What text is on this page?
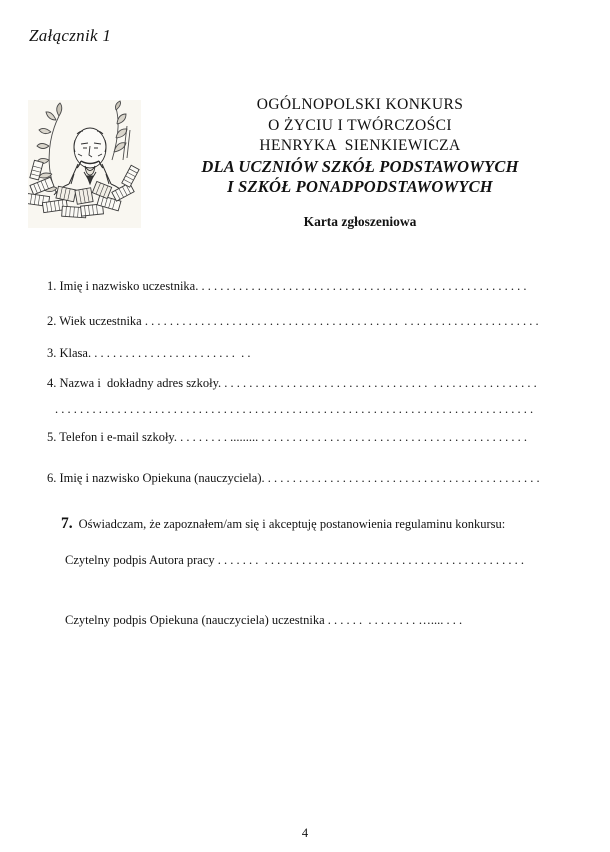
Załącznik 1
OGÓLNOPOLSKI KONKURS
O ŻYCIU I TWÓRCZOŚCI
HENRYKA  SIENKIEWICZA
DLA UCZNIÓW SZKÓŁ PODSTAWOWYCH
I SZKÓŁ PONADPODSTAWOWYCH
Karta zgłoszeniowa
1. Imię i nazwisko uczestnika. . . . . . . . . . . . . . . . . . . . . . . . . . . . . . . . . . . . .  . . . . . . . . . . . . . . . .
2. Wiek uczestnika . . . . . . . . . . . . . . . . . . . . . . . . . . . . . . . . . . . . . . . . .  . . . . . . . . . . . . . . . . . . . . . .
3. Klasa. . . . . . . . . . . . . . . . . . . . . . . .  . .
4. Nazwa i  dokładny adres szkoły. . . . . . . . . . . . . . . . . . . . . . . . . . . . . . . . . .  . . . . . . . . . . . . . . . . .
. . . . . . . . . . . . . . . . . . . . . . . . . . . . . . . . . . . . . . . . . . . . . . . . . . . . . . . . . . . . . . . . . . . . . . . . . . . . .
5. Telefon i e-mail szkoły. . . . . . . . . ......... . . . . . . . . . . . . . . . . . . . . . . . . . . . . . . . . . . . . . . . . . . .
6. Imię i nazwisko Opiekuna (nauczyciela). . . . . . . . . . . . . . . . . . . . . . . . . . . . . . . . . . . . . . . . . . . . .

7. Oświadczam, że zapoznałem/am się i akceptuję postanowienia regulaminu konkursu:

Czytelny podpis Autora pracy . . . . . . .  . . . . . . . . . . . . . . . . . . . . . . . . . . . . . . . . . . . . . . . . . .
Czytelny podpis Opiekuna (nauczyciela) uczestnika . . . . . .  . . . . . . . . ….... . . .
4
